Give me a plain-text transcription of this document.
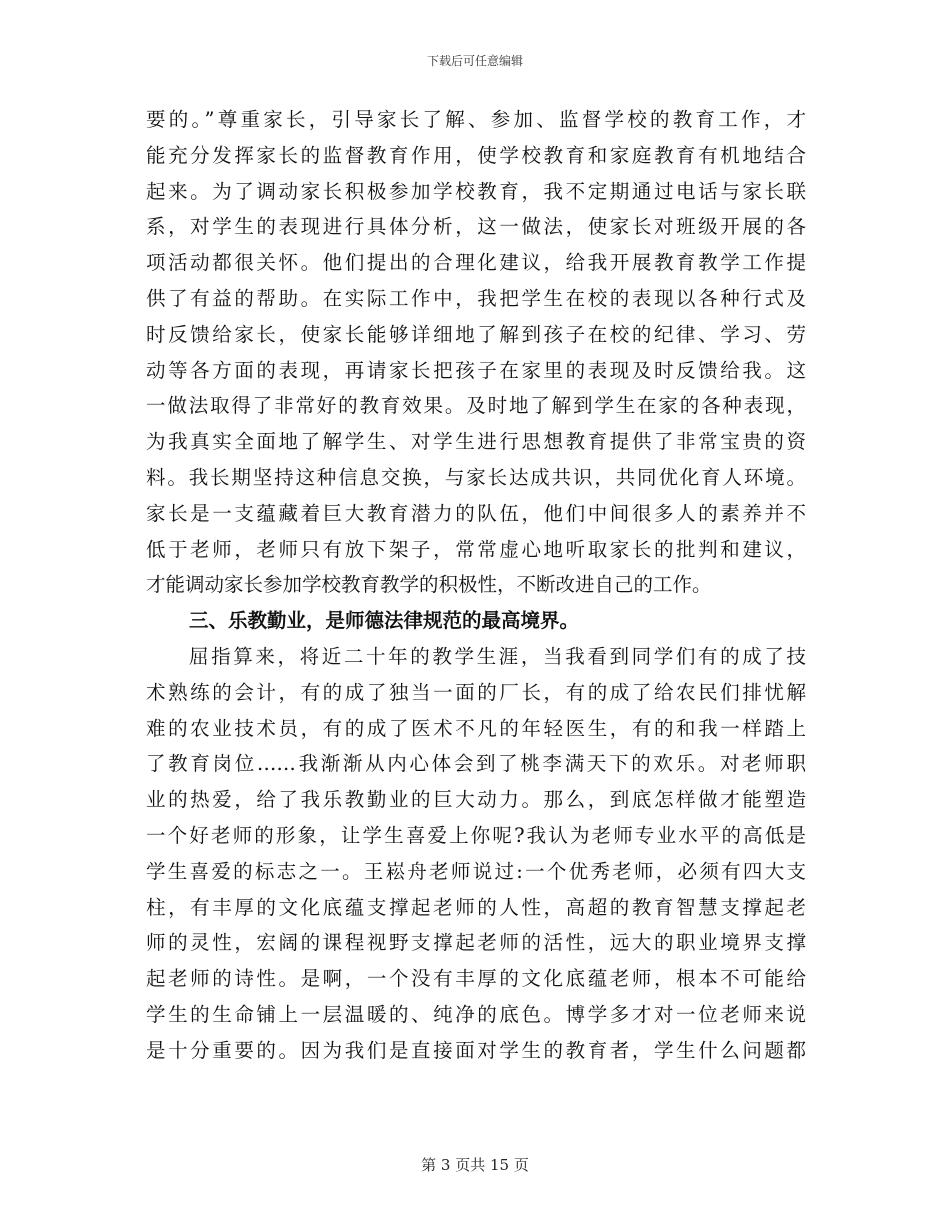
下载后可任意编辑
要的。”尊重家长，引导家长了解、参加、监督学校的教育工作，才
能充分发挥家长的监督教育作用，使学校教育和家庭教育有机地结合
起来。为了调动家长积极参加学校教育，我不定期通过电话与家长联
系，对学生的表现进行具体分析，这一做法，使家长对班级开展的各
项活动都很关怀。他们提出的合理化建议，给我开展教育教学工作提
供了有益的帮助。在实际工作中，我把学生在校的表现以各种行式及
时反馈给家长，使家长能够详细地了解到孩子在校的纪律、学习、劳
动等各方面的表现，再请家长把孩子在家里的表现及时反馈给我。这
一做法取得了非常好的教育效果。及时地了解到学生在家的各种表现，
为我真实全面地了解学生、对学生进行思想教育提供了非常宝贵的资
料。我长期坚持这种信息交换，与家长达成共识，共同优化育人环境。
家长是一支蕴藏着巨大教育潜力的队伍，他们中间很多人的素养并不
低于老师，老师只有放下架子，常常虚心地听取家长的批判和建议，
才能调动家长参加学校教育教学的积极性，不断改进自己的工作。
三、乐教勤业，是师德法律规范的最高境界。
屈指算来，将近二十年的教学生涯，当我看到同学们有的成了技
术熟练的会计，有的成了独当一面的厂长，有的成了给农民们排忧解
难的农业技术员，有的成了医术不凡的年轻医生，有的和我一样踏上
了教育岗位……我渐渐从内心体会到了桃李满天下的欢乐。对老师职
业的热爱，给了我乐教勤业的巨大动力。那么，到底怎样做才能塑造
一个好老师的形象，让学生喜爱上你呢?我认为老师专业水平的高低是
学生喜爱的标志之一。王崧舟老师说过:一个优秀老师，必须有四大支
柱，有丰厚的文化底蕴支撑起老师的人性，高超的教育智慧支撑起老
师的灵性，宏阔的课程视野支撑起老师的活性，远大的职业境界支撑
起老师的诗性。是啊，一个没有丰厚的文化底蕴老师，根本不可能给
学生的生命铺上一层温暖的、纯净的底色。博学多才对一位老师来说
是十分重要的。因为我们是直接面对学生的教育者，学生什么问题都
第 3 页共 15 页
